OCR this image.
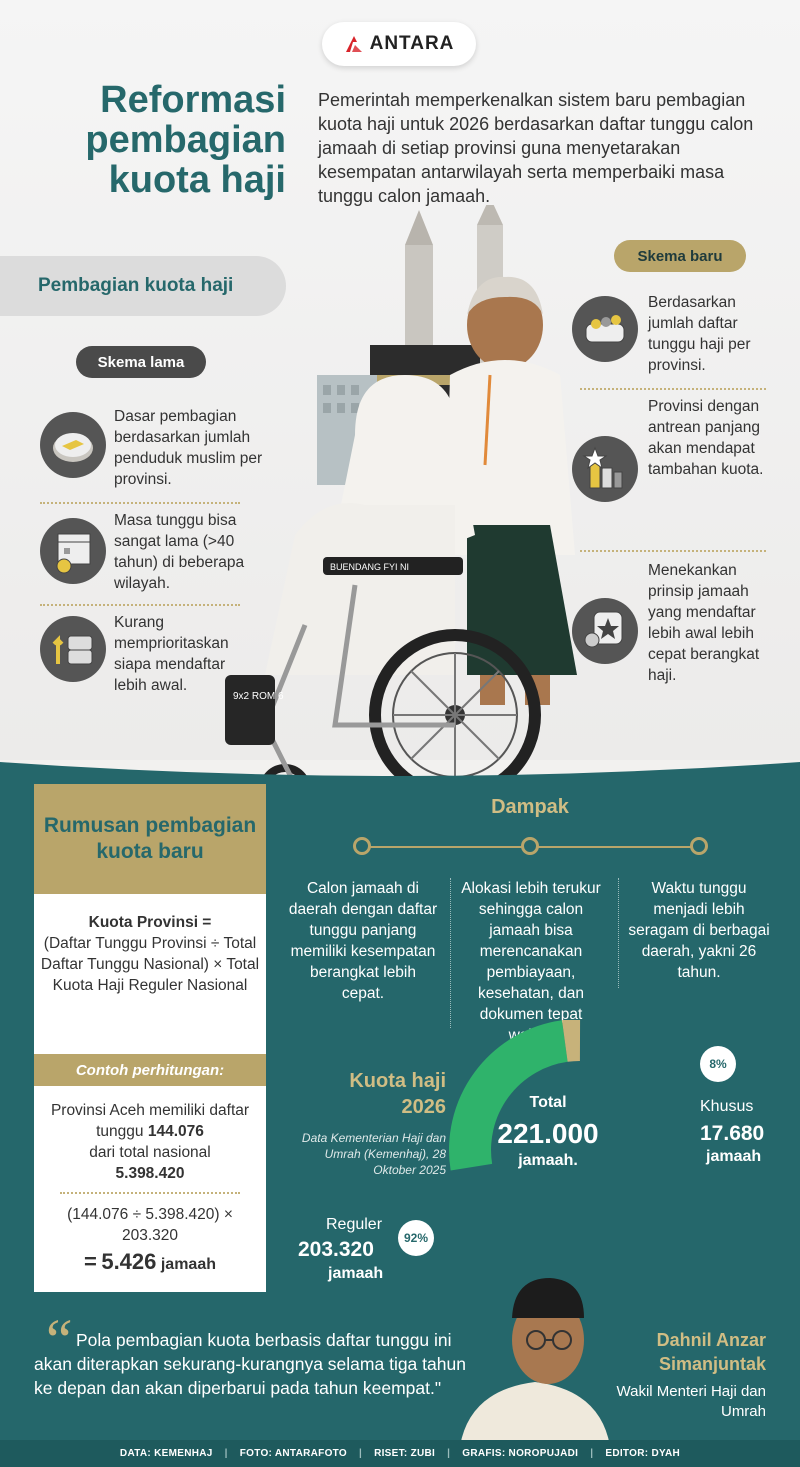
ANTARA
Reformasi
pembagian
kuota haji
Pemerintah memperkenalkan sistem baru pembagian kuota haji untuk 2026 berdasarkan daftar tunggu calon jamaah di setiap provinsi guna menyetarakan kesempatan antarwilayah serta memperbaiki masa tunggu calon jamaah.
BUENDANG FYI NI
9x2 ROM 6
Pembagian kuota haji
Skema lama
Dasar pembagian berdasarkan jumlah penduduk muslim per provinsi.
Masa tunggu bisa sangat lama (>40 tahun) di beberapa wilayah.
Kurang memprioritaskan siapa mendaftar lebih awal.
Skema baru
Berdasarkan jumlah daftar tunggu haji per provinsi.
Provinsi dengan antrean panjang akan mendapat tambahan kuota.
Menekankan prinsip jamaah yang mendaftar lebih awal lebih cepat berangkat haji.
Rumusan pembagian kuota baru
Kuota Provinsi =
(Daftar Tunggu Provinsi ÷ Total Daftar Tunggu Nasional) × Total Kuota Haji Reguler Nasional
Contoh perhitungan:
Provinsi Aceh memiliki daftar tunggu 144.076
dari total nasional
5.398.420
(144.076 ÷ 5.398.420) × 203.320
= 5.426 jamaah
Dampak
Calon jamaah di daerah dengan daftar tunggu panjang memiliki kesempatan berangkat lebih cepat.
Alokasi lebih terukur sehingga calon jamaah bisa merencanakan pembiayaan, kesehatan, dan dokumen tepat waktu.
Waktu tunggu menjadi lebih seragam di berbagai daerah, yakni 26 tahun.
8%
92%
Kuota haji 2026
Data Kementerian Haji dan Umrah (Kemenhaj), 28 Oktober 2025
Total
221.000
jamaah.
Khusus
17.680
jamaah
Reguler
203.320
jamaah
“ Pola pembagian kuota berbasis daftar tunggu ini akan diterapkan sekurang-kurangnya selama tiga tahun ke depan dan akan diperbarui pada tahun keempat."
Dahnil Anzar Simanjuntak
Wakil Menteri Haji dan Umrah
DATA: KEMENHAJ | FOTO: ANTARAFOTO | RISET: ZUBI | GRAFIS: NOROPUJADI | EDITOR: DYAH
